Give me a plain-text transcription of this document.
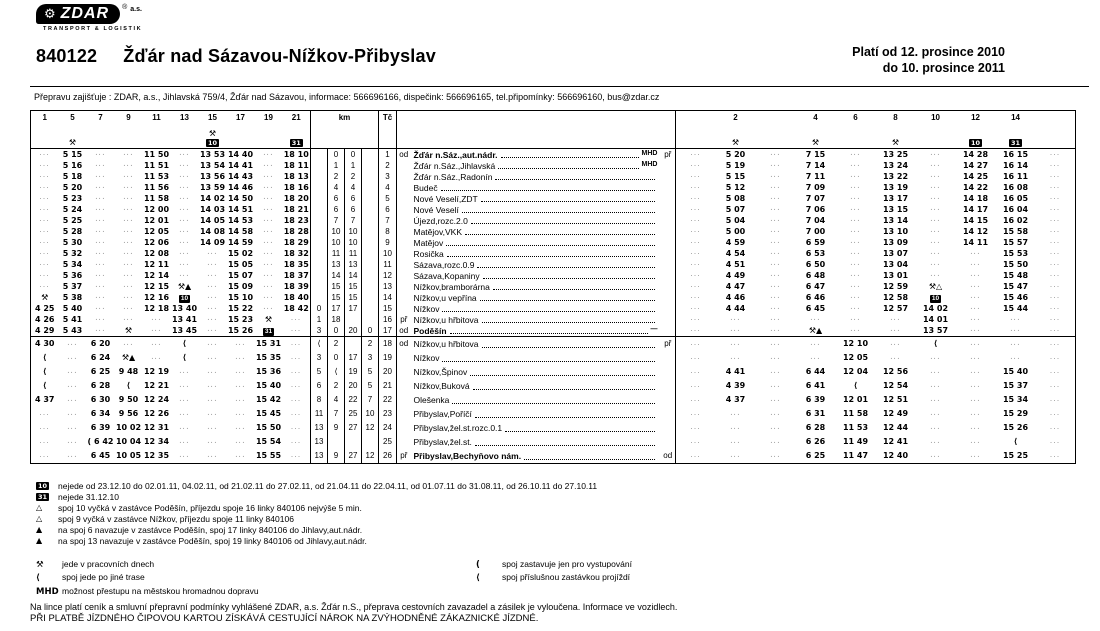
⚙ ZDAR ® a.s.
TRANSPORT & LOGISTIK
840122 Žďár nad Sázavou-Nížkov-Přibyslav	Platí od 12. prosince 2010
do 10. prosince 2011
Přepravu zajišťuje : ZDAR, a.s., Jihlavská 759/4, Žďár nad Sázavou, informace: 566696166, dispečink: 566696165, tel.připomínky: 566696160, bus@zdar.cz
1	5	7	9	11	13	15	17	19	21	km				Tč					2		4	6	8	10	12	14	

	⚒					⚒
10			31										⚒		⚒		⚒		10	31	

···	5 15	···	···	11 50	···	13 53	14 40	···	18 10		0	0		1	od	Žďár n.Sáz.,aut.nádr. MHD	př	···	5 20	···	7 15	···	13 25	···	14 28	16 15	···
···	5 16	···	···	11 51	···	13 54	14 41	···	18 11		1	1		2		Žďár n.Sáz.,Jihlavská MHD		···	5 19	···	7 14	···	13 24	···	14 27	16 14	···
···	5 18	···	···	11 53	···	13 56	14 43	···	18 13		2	2		3		Žďár n.Sáz.,Radonín		···	5 15	···	7 11	···	13 22	···	14 25	16 11	···
···	5 20	···	···	11 56	···	13 59	14 46	···	18 16		4	4		4		Budeč		···	5 12	···	7 09	···	13 19	···	14 22	16 08	···
···	5 23	···	···	11 58	···	14 02	14 50	···	18 20		6	6		5		Nové Veselí,ZDT		···	5 08	···	7 07	···	13 17	···	14 18	16 05	···
···	5 24	···	···	12 00	···	14 03	14 51	···	18 21		6	6		6		Nové Veselí		···	5 07	···	7 06	···	13 15	···	14 17	16 04	···
···	5 25	···	···	12 01	···	14 05	14 53	···	18 23		7	7		7		Újezd,rozc.2.0		···	5 04	···	7 04	···	13 14	···	14 15	16 02	···
···	5 28	···	···	12 05	···	14 08	14 58	···	18 28		10	10		8		Matějov,VKK		···	5 00	···	7 00	···	13 10	···	14 12	15 58	···
···	5 30	···	···	12 06	···	14 09	14 59	···	18 29		10	10		9		Matějov		···	4 59	···	6 59	···	13 09	···	14 11	15 57	···
···	5 32	···	···	12 08	···	···	15 02	···	18 32		11	11		10		Rosička		···	4 54	···	6 53	···	13 07	···	···	15 53	···
···	5 34	···	···	12 11	···	···	15 05	···	18 35		13	13		11		Sázava,rozc.0.9		···	4 51	···	6 50	···	13 04	···	···	15 50	···
···	5 36	···	···	12 14	···	···	15 07	···	18 37		14	14		12		Sázava,Kopaniny		···	4 49	···	6 48	···	13 01	···	···	15 48	···
···	5 37	···	···	12 15	⚒▲	···	15 09	···	18 39		15	15		13		Nížkov,bramborárna		···	4 47	···	6 47	···	12 59	⚒△	···	15 47	···
⚒	5 38	···	···	12 16	10	···	15 10	···	18 40		15	15		14		Nížkov,u vepřína		···	4 46	···	6 46	···	12 58	10	···	15 46	···
4 25	5 40	···	···	12 18	13 40	···	15 22	···	18 42	0	17	17		15		Nížkov		···	4 44	···	6 45	···	12 57	14 02	···	15 44	···
4 26	5 41	···	···	···	13 41	···	15 23	⚒	···	1	18			16	př	Nížkov,u hřbitova		···	···	···	···	···	···	14 01	···	···	···
4 29	5 43	···	⚒	···	13 45	···	15 26	31	···	3	0	20	0	17	od	Poděšín —		···	···	···	⚒▲	···	···	13 57	···	···	···
4 30	···	6 20	···	···	⟨	···	···	15 31	···	⟨	2		2	18	od	Nížkov,u hřbitova	př	···	···	···	···	12 10	···	⟨	···	···	···
⟨	···	6 24	⚒▲	···	⟨	···	···	15 35	···	3	0	17	3	19		Nížkov		···	···	···	···	12 05	···	···	···	···	···
⟨	···	6 25	9 48	12 19	···	···	···	15 36	···	5	⟨	19	5	20		Nížkov,Špinov		···	4 41	···	6 44	12 04	12 56	···	···	15 40	···
⟨	···	6 28	⟨	12 21	···	···	···	15 40	···	6	2	20	5	21		Nížkov,Buková		···	4 39	···	6 41	⟨	12 54	···	···	15 37	···
4 37	···	6 30	9 50	12 24	···	···	···	15 42	···	8	4	22	7	22		Olešenka		···	4 37	···	6 39	12 01	12 51	···	···	15 34	···
···	···	6 34	9 56	12 26	···	···	···	15 45	···	11	7	25	10	23		Přibyslav,Poříčí		···	···	···	6 31	11 58	12 49	···	···	15 29	···
···	···	6 39	10 02	12 31	···	···	···	15 50	···	13	9	27	12	24		Přibyslav,žel.st.rozc.0.1		···	···	···	6 28	11 53	12 44	···	···	15 26	···
···	···	( 6 42	10 04	12 34	···	···	···	15 54	···	13				25		Přibyslav,žel.st.		···	···	···	6 26	11 49	12 41	···	···	⟨	···
···	···	6 45	10 05	12 35	···	···	···	15 55	···	13	9	27	12	26	př	Přibyslav,Bechyňovo nám.	od	···	···	···	6 25	11 47	12 40	···	···	15 25	···
10	nejede od 23.12.10 do 02.01.11, 04.02.11, od 21.02.11 do 27.02.11, od 21.04.11 do 22.04.11, od 01.07.11 do 31.08.11, od 26.10.11 do 27.10.11
31	nejede 31.12.10
△	spoj 10 vyčká v zastávce Poděšín, příjezdu spoje 16 linky 840106 nejvýše 5 min.
△	spoj 9 vyčká v zastávce Nížkov, příjezdu spoje 11 linky 840106
▲	na spoj 6 navazuje v zastávce Poděšín, spoj 17 linky 840106 do Jihlavy,aut.nádr.
▲	na spoj 13 navazuje v zastávce Poděšín, spoj 19 linky 840106 od Jihlavy,aut.nádr.
⚒ jede v pracovních dnech
⟨	spoj jede po jiné trase
MHD možnost přestupu na městskou hromadnou dopravu
(	spoj zastavuje jen pro vystupování
⟨	spoj příslušnou zastávkou projíždí
Na lince platí ceník a smluvní přepravní podmínky vyhlášené ZDAR, a.s. Žďár n.S., přeprava cestovních zavazadel a zásilek je vyloučena. Informace ve vozidlech.
PŘI PLATBĚ JÍZDNÉHO ČIPOVOU KARTOU ZÍSKÁVÁ CESTUJÍCÍ NÁROK NA ZVÝHODNĚNÉ ZÁKAZNICKÉ JÍZDNÉ.
